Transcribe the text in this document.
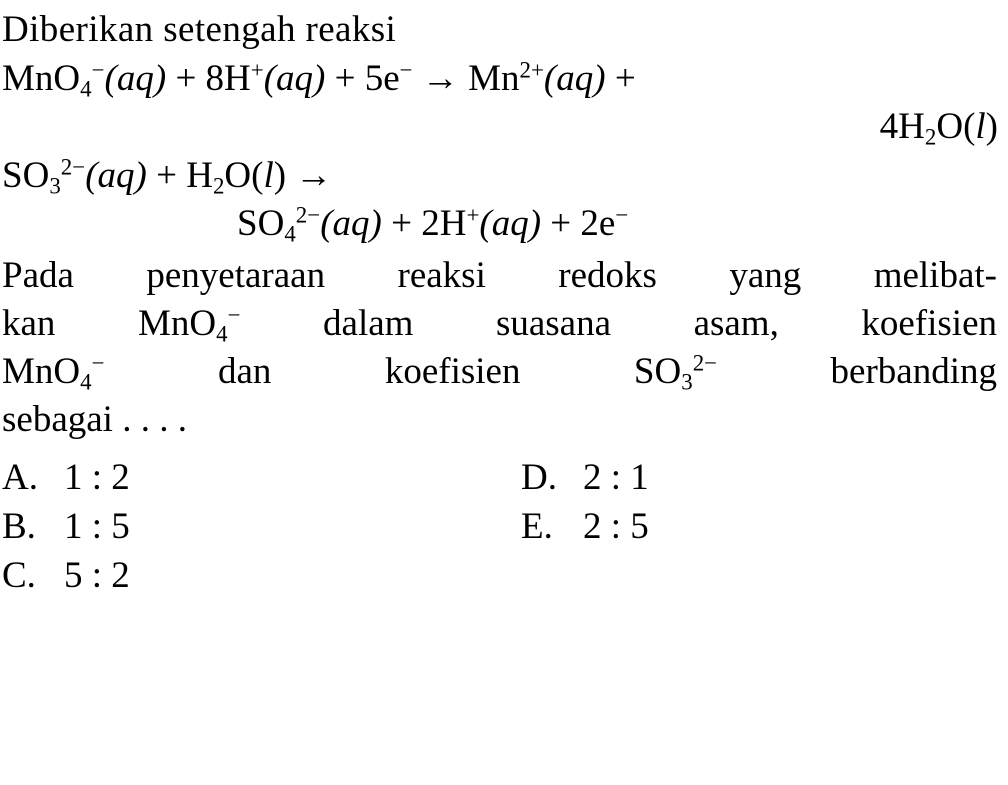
Diberikan setengah reaksi
$MnO_4^-(aq) + 8H^+(aq) + 5e^- \to Mn^{2+}(aq)$ +
$4H_2O(l)$
$SO_3^{2-}(aq) + H_2O(l)$ →
$SO_4^{2-}(aq) + 2H^+(aq) + 2e^-$
Pada penyetaraan reaksi redoks yang melibat-
kan MnO$_4$− dalam suasana asam, koefisien
MnO$_4$− dan koefisien $SO_3^{2-}$ berbanding
sebagai . . . .
A. 1 : 2	D. 2 : 1
B. 1 : 5	E. 2 : 5
C. 5 : 2
